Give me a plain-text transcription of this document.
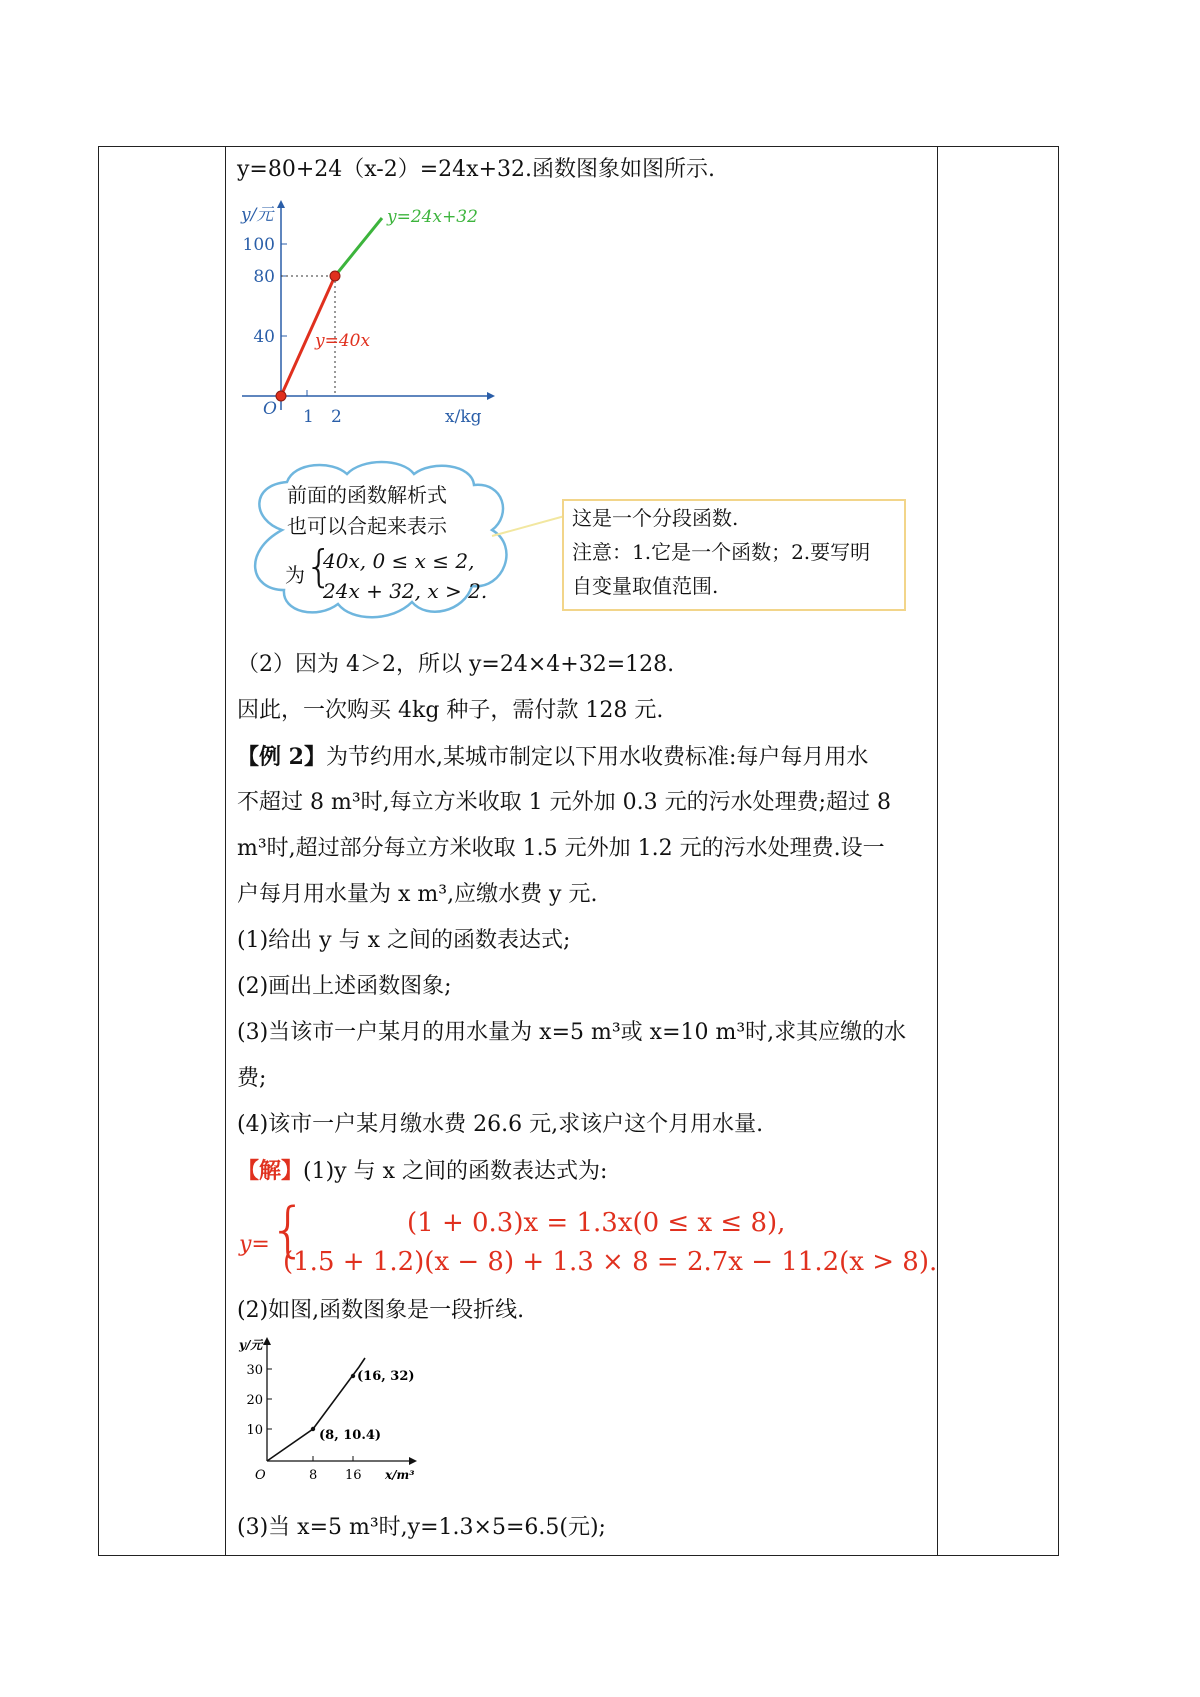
y=80+24（x-2）=24x+32.函数图象如图所示.
y/元
100
80
40
O 1 2	x/kg
y=24x+32
y=40x
前面的函数解析式
也可以合起来表示
为 {
40x, 0 ≤ x ≤ 2,
24x + 32, x > 2.
这是一个分段函数.
注意：1.它是一个函数；2.要写明
自变量取值范围.
（2）因为 4＞2，所以 y=24×4+32=128.
因此，一次购买 4kg 种子，需付款 128 元.
【例 2】为节约用水,某城市制定以下用水收费标准:每户每月用水
不超过 8 m³时,每立方米收取 1 元外加 0.3 元的污水处理费;超过 8
m³时,超过部分每立方米收取 1.5 元外加 1.2 元的污水处理费.设一
户每月用水量为 x m³,应缴水费 y 元.
(1)给出 y 与 x 之间的函数表达式;
(2)画出上述函数图象;
(3)当该市一户某月的用水量为 x=5 m³或 x=10 m³时,求其应缴的水
费;
(4)该市一户某月缴水费 26.6 元,求该户这个月用水量.
【解】(1)y 与 x 之间的函数表达式为:
y= {	(1 + 0.3)x = 1.3x(0 ≤ x ≤ 8),
(1.5 + 1.2)(x − 8) + 1.3 × 8 = 2.7x − 11.2(x > 8).
(2)如图,函数图象是一段折线.
y/元
30
20
10
O	8 16 x/m³
(8, 10.4)
(16, 32)
(3)当 x=5 m³时,y=1.3×5=6.5(元);
